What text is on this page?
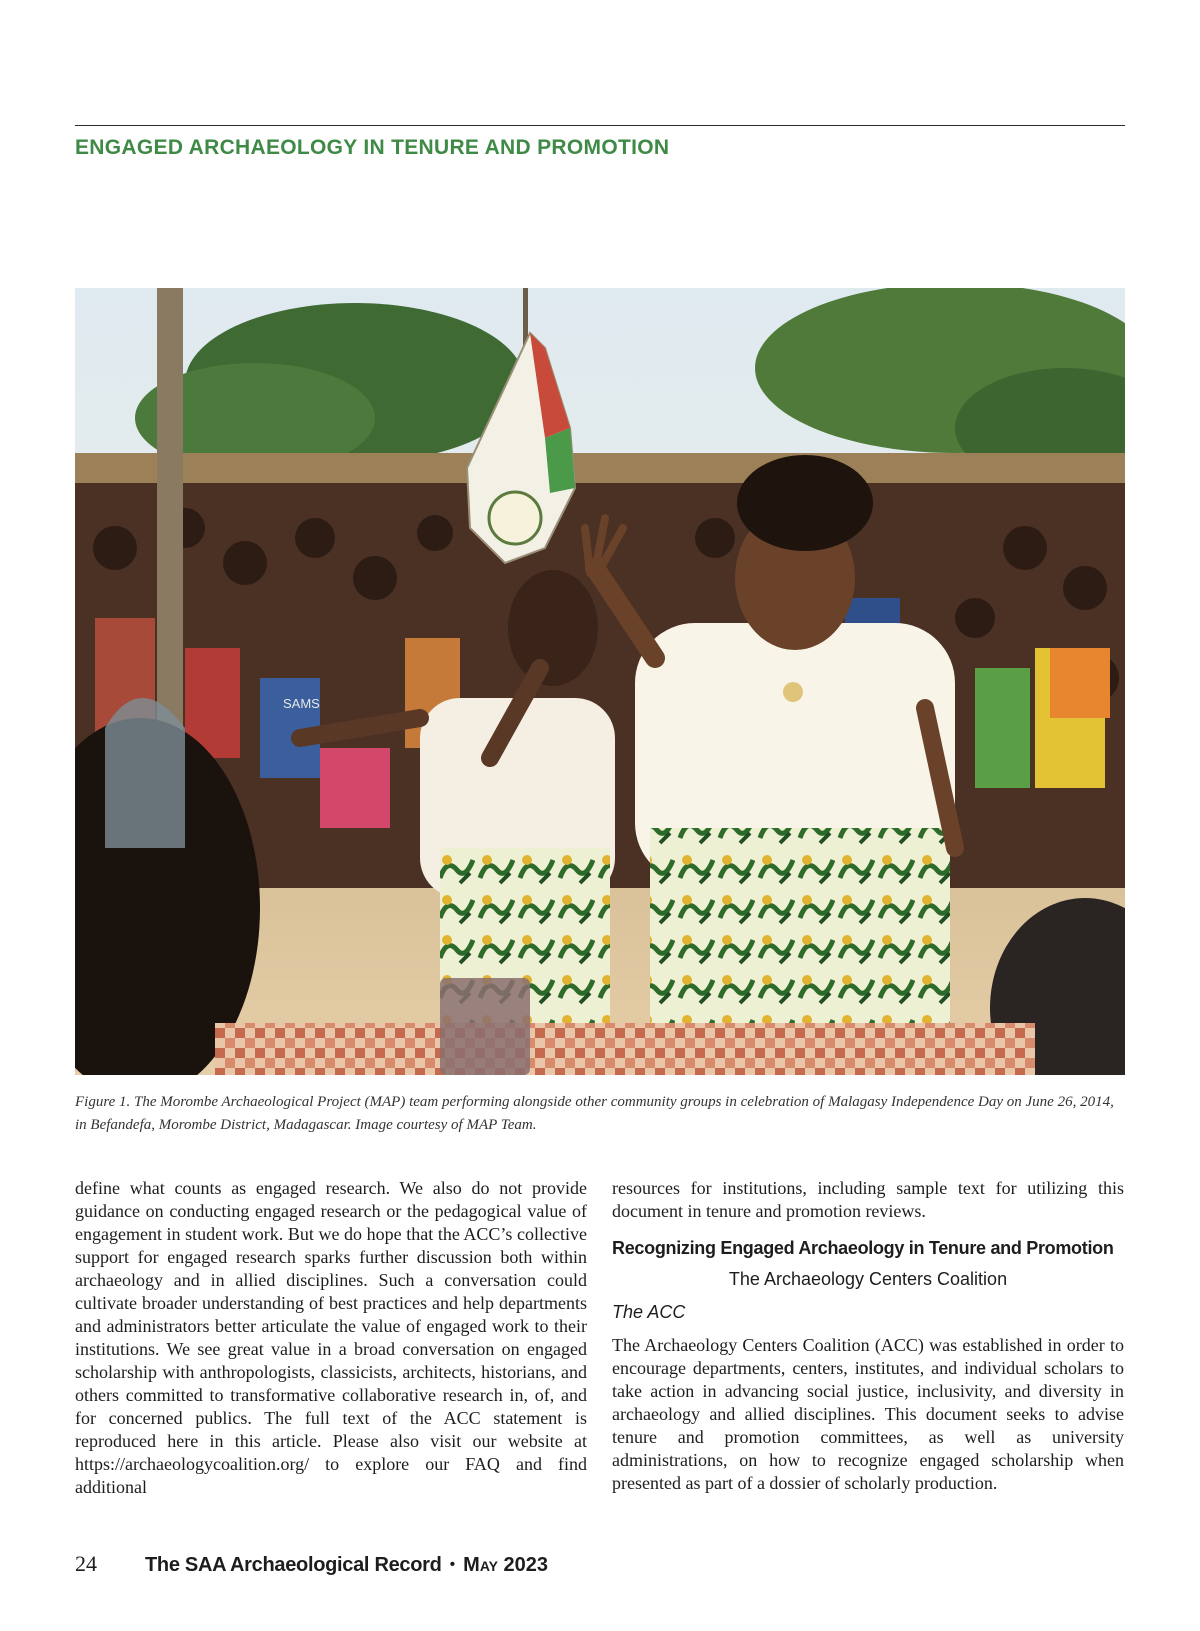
ENGAGED ARCHAEOLOGY IN TENURE AND PROMOTION
SAMS
Figure 1. The Morombe Archaeological Project (MAP) team performing alongside other community groups in celebration of Malagasy Independence Day on June 26, 2014, in Befandefa, Morombe District, Madagascar. Image courtesy of MAP Team.

define what counts as engaged research. We also do not provide guidance on conducting engaged research or the pedagogical value of engagement in student work. But we do hope that the ACC’s collective support for engaged research sparks further discussion both within archaeology and in allied disciplines. Such a conversation could cultivate broader understanding of best practices and help departments and administrators better articulate the value of engaged work to their institutions. We see great value in a broad conversation on engaged scholarship with anthropologists, classicists, architects, historians, and others committed to transformative collaborative research in, of, and for concerned publics. The full text of the ACC statement is reproduced here in this article. Please also visit our website at https://archaeologycoalition.org/ to explore our FAQ and find additional

resources for institutions, including sample text for utilizing this document in tenure and promotion reviews.

Recognizing Engaged Archaeology in Tenure and Promotion
The Archaeology Centers Coalition
The ACC

The Archaeology Centers Coalition (ACC) was established in order to encourage departments, centers, institutes, and individual scholars to take action in advancing social justice, inclusivity, and diversity in archaeology and allied disciplines. This document seeks to advise tenure and promotion committees, as well as university administrations, on how to recognize engaged scholarship when presented as part of a dossier of scholarly production.

24 The SAA Archaeological Record • May 2023
